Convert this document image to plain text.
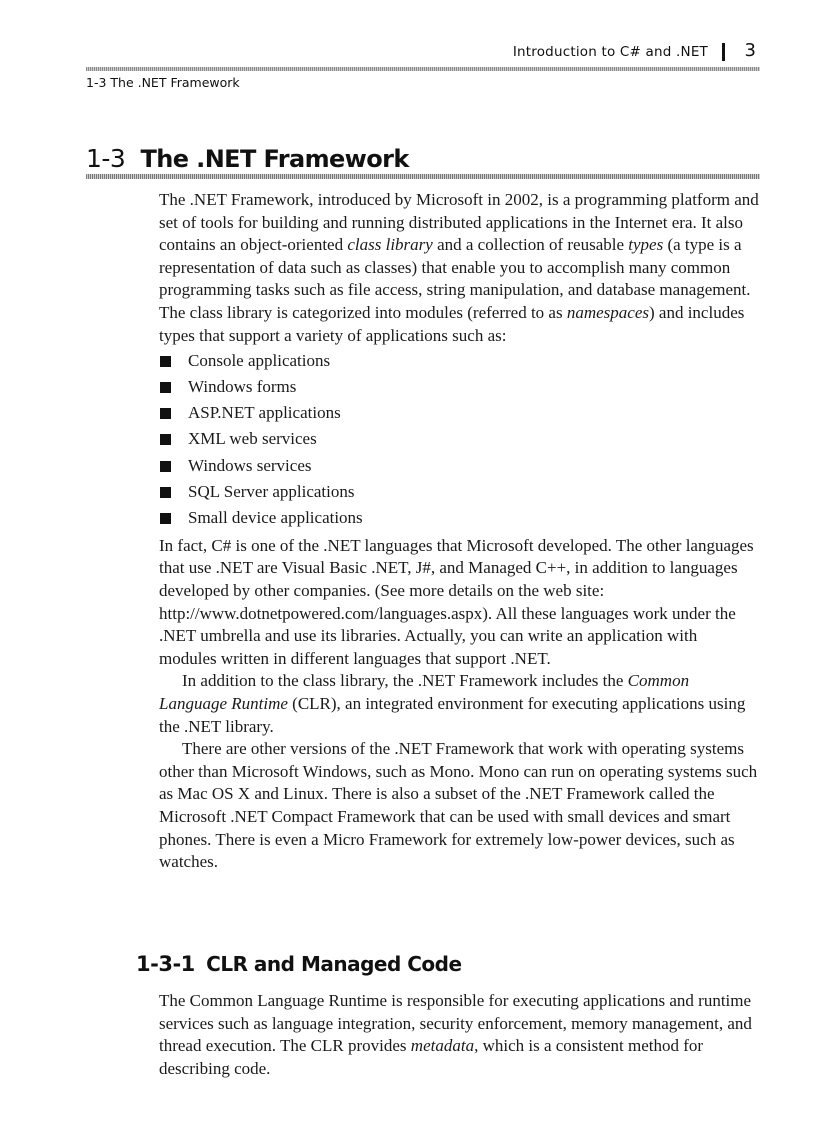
Introduction to C# and .NET 3
1-3 The .NET Framework
1-3 The .NET Framework

The .NET Framework, introduced by Microsoft in 2002, is a programming platform and set of tools for building and running distributed applications in the Internet era. It also contains an object-oriented class library and a collection of reusable types (a type is a representation of data such as classes) that enable you to accomplish many common programming tasks such as file access, string manipulation, and database management. The class library is categorized into modules (referred to as namespaces) and includes types that support a variety of applications such as:

Console applications
Windows forms
ASP.NET applications
XML web services
Windows services
SQL Server applications
Small device applications

In fact, C# is one of the .NET languages that Microsoft developed. The other languages that use .NET are Visual Basic .NET, J#, and Managed C++, in addition to languages developed by other companies. (See more details on the web site: http://www.dotnetpowered.com/languages.aspx). All these languages work under the .NET umbrella and use its libraries. Actually, you can write an application with modules written in different languages that support .NET.

In addition to the class library, the .NET Framework includes the Common Language Runtime (CLR), an integrated environment for executing applications using the .NET library.

There are other versions of the .NET Framework that work with operating systems other than Microsoft Windows, such as Mono. Mono can run on operating systems such as Mac OS X and Linux. There is also a subset of the .NET Framework called the Microsoft .NET Compact Framework that can be used with small devices and smart phones. There is even a Micro Framework for extremely low-power devices, such as watches.

1-3-1 CLR and Managed Code

The Common Language Runtime is responsible for executing applications and runtime services such as language integration, security enforcement, memory management, and thread execution. The CLR provides metadata, which is a consistent method for describing code.
